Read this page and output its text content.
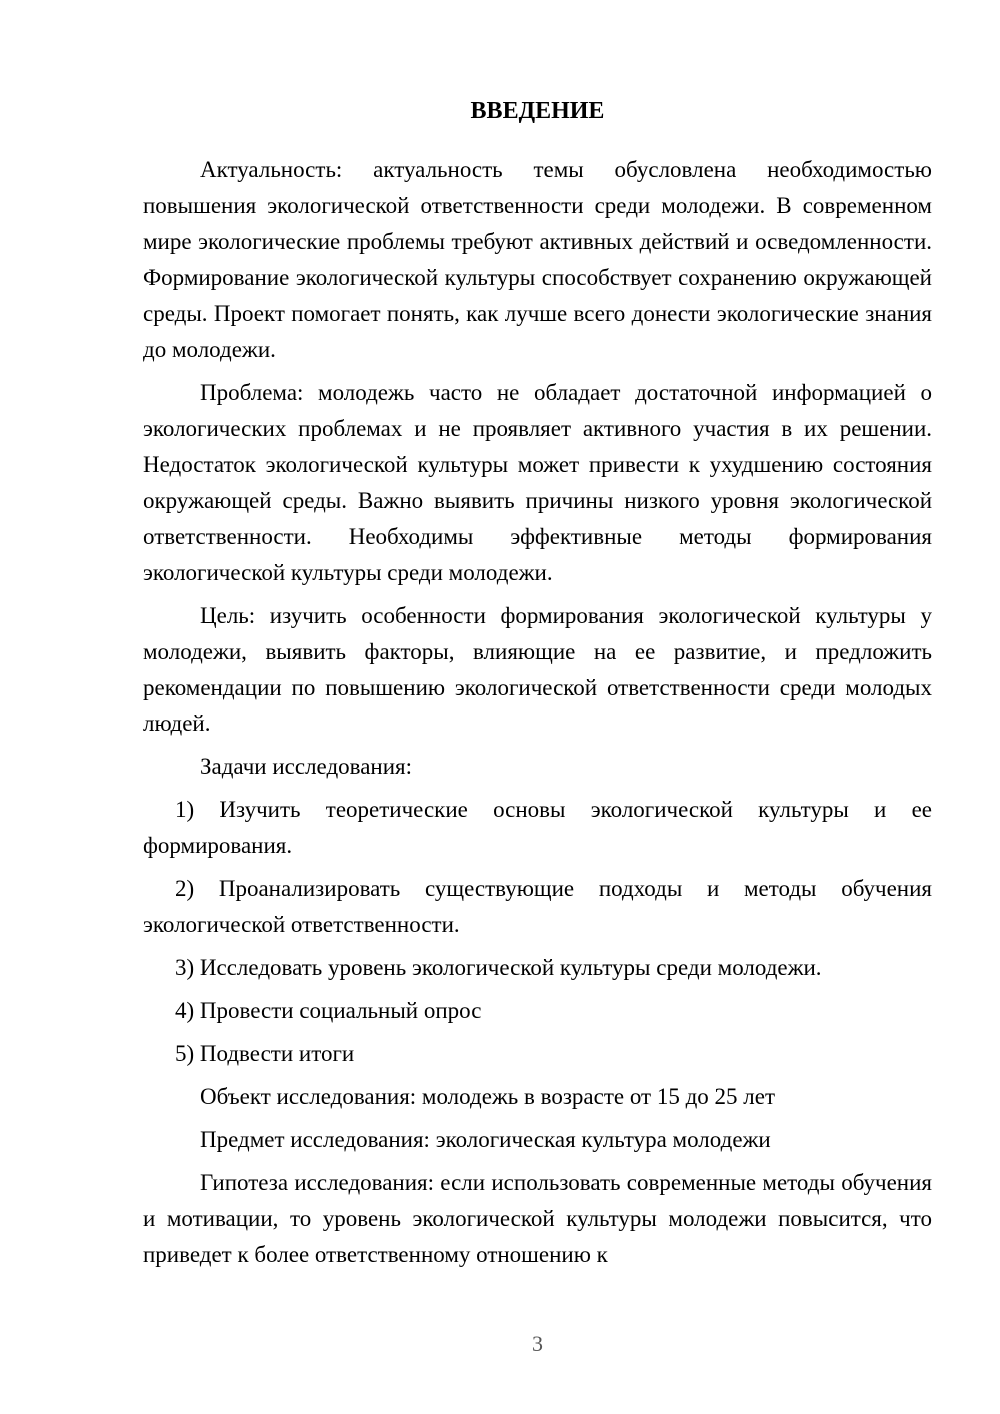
ВВЕДЕНИЕ

Актуальность: актуальность темы обусловлена необходимостью повышения экологической ответственности среди молодежи. В современном мире экологические проблемы требуют активных действий и осведомленности. Формирование экологической культуры способствует сохранению окружающей среды. Проект помогает понять, как лучше всего донести экологические знания до молодежи.

Проблема: молодежь часто не обладает достаточной информацией о экологических проблемах и не проявляет активного участия в их решении. Недостаток экологической культуры может привести к ухудшению состояния окружающей среды. Важно выявить причины низкого уровня экологической ответственности. Необходимы эффективные методы формирования экологической культуры среди молодежи.

Цель: изучить особенности формирования экологической культуры у молодежи, выявить факторы, влияющие на ее развитие, и предложить рекомендации по повышению экологической ответственности среди молодых людей.

Задачи исследования:

1) Изучить теоретические основы экологической культуры и ее формирования.

2) Проанализировать существующие подходы и методы обучения экологической ответственности.

3) Исследовать уровень экологической культуры среди молодежи.

4) Провести социальный опрос

5) Подвести итоги

Объект исследования: молодежь в возрасте от 15 до 25 лет

Предмет исследования: экологическая культура молодежи

Гипотеза исследования: если использовать современные методы обучения и мотивации, то уровень экологической культуры молодежи повысится, что приведет к более ответственному отношению к

3
